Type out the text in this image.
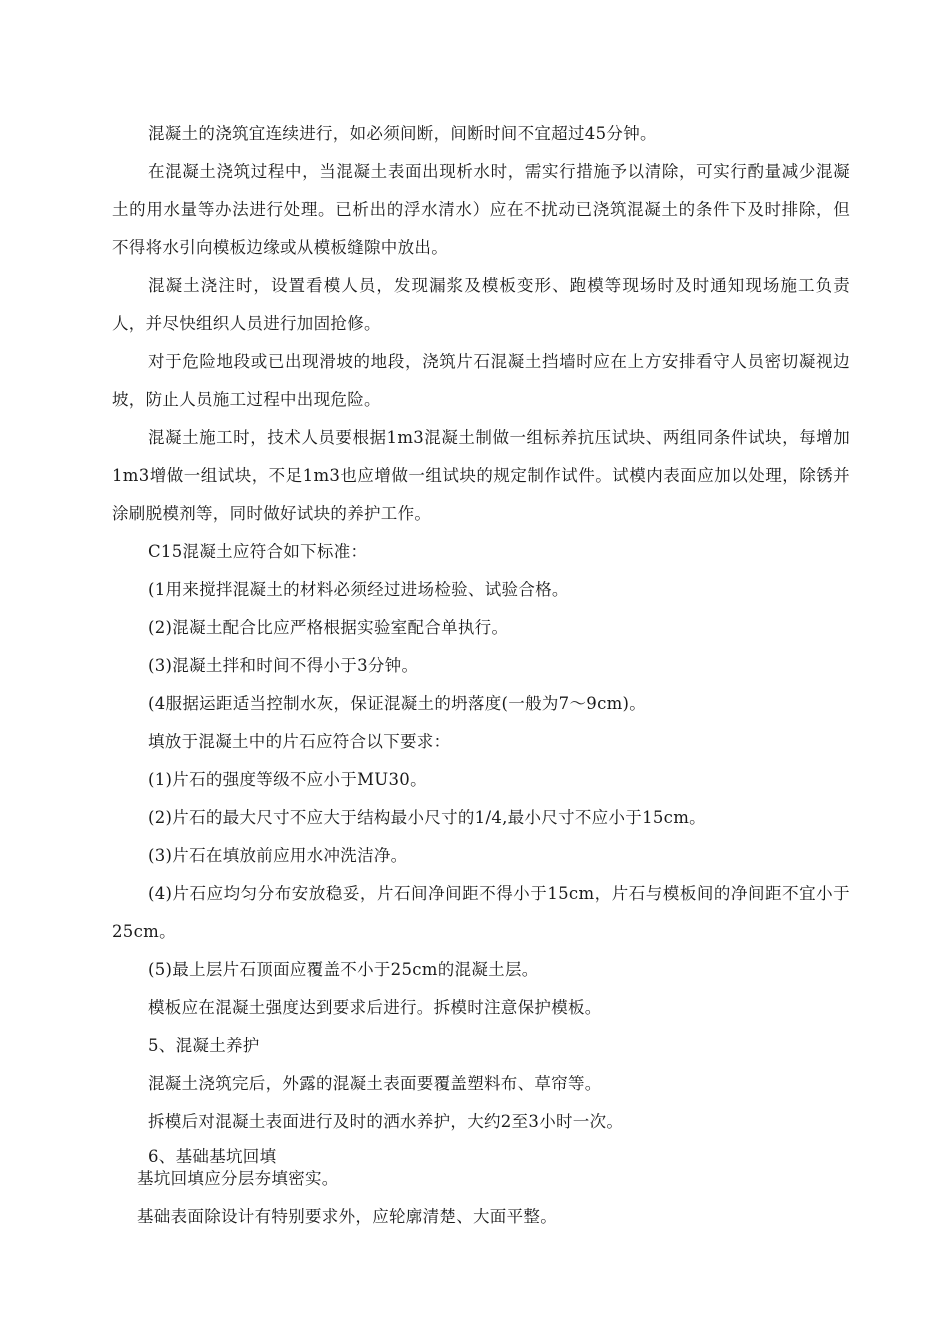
混凝土的浇筑宜连续进行，如必须间断，间断时间不宜超过45分钟。

在混凝土浇筑过程中，当混凝土表面出现析水时，需实行措施予以清除，可实行酌量减少混凝土的用水量等办法进行处理。已析出的浮水清水）应在不扰动已浇筑混凝土的条件下及时排除，但不得将水引向模板边缘或从模板缝隙中放出。

混凝土浇注时，设置看模人员，发现漏浆及模板变形、跑模等现场时及时通知现场施工负责人，并尽快组织人员进行加固抢修。

对于危险地段或已出现滑坡的地段，浇筑片石混凝土挡墙时应在上方安排看守人员密切凝视边坡，防止人员施工过程中出现危险。

混凝土施工时，技术人员要根据1m3混凝土制做一组标养抗压试块、两组同条件试块，每增加1m3增做一组试块，不足1m3也应增做一组试块的规定制作试件。试模内表面应加以处理，除锈并涂刷脱模剂等，同时做好试块的养护工作。

C15混凝土应符合如下标准：

(1用来搅拌混凝土的材料必须经过进场检验、试验合格。

(2)混凝土配合比应严格根据实验室配合单执行。

(3)混凝土拌和时间不得小于3分钟。

(4服据运距适当控制水灰，保证混凝土的坍落度(一般为7〜9cm)。

填放于混凝土中的片石应符合以下要求：

(1)片石的强度等级不应小于MU30。

(2)片石的最大尺寸不应大于结构最小尺寸的1/4,最小尺寸不应小于15cm。

(3)片石在填放前应用水冲洗洁净。

(4)片石应均匀分布安放稳妥，片石间净间距不得小于15cm，片石与模板间的净间距不宜小于25cm。

(5)最上层片石顶面应覆盖不小于25cm的混凝土层。

模板应在混凝土强度达到要求后进行。拆模时注意保护模板。

5、混凝土养护

混凝土浇筑完后，外露的混凝土表面要覆盖塑料布、草帘等。

拆模后对混凝土表面进行及时的洒水养护，大约2至3小时一次。

6、基础基坑回填

基坑回填应分层夯填密实。

基础表面除设计有特别要求外，应轮廓清楚、大面平整。
